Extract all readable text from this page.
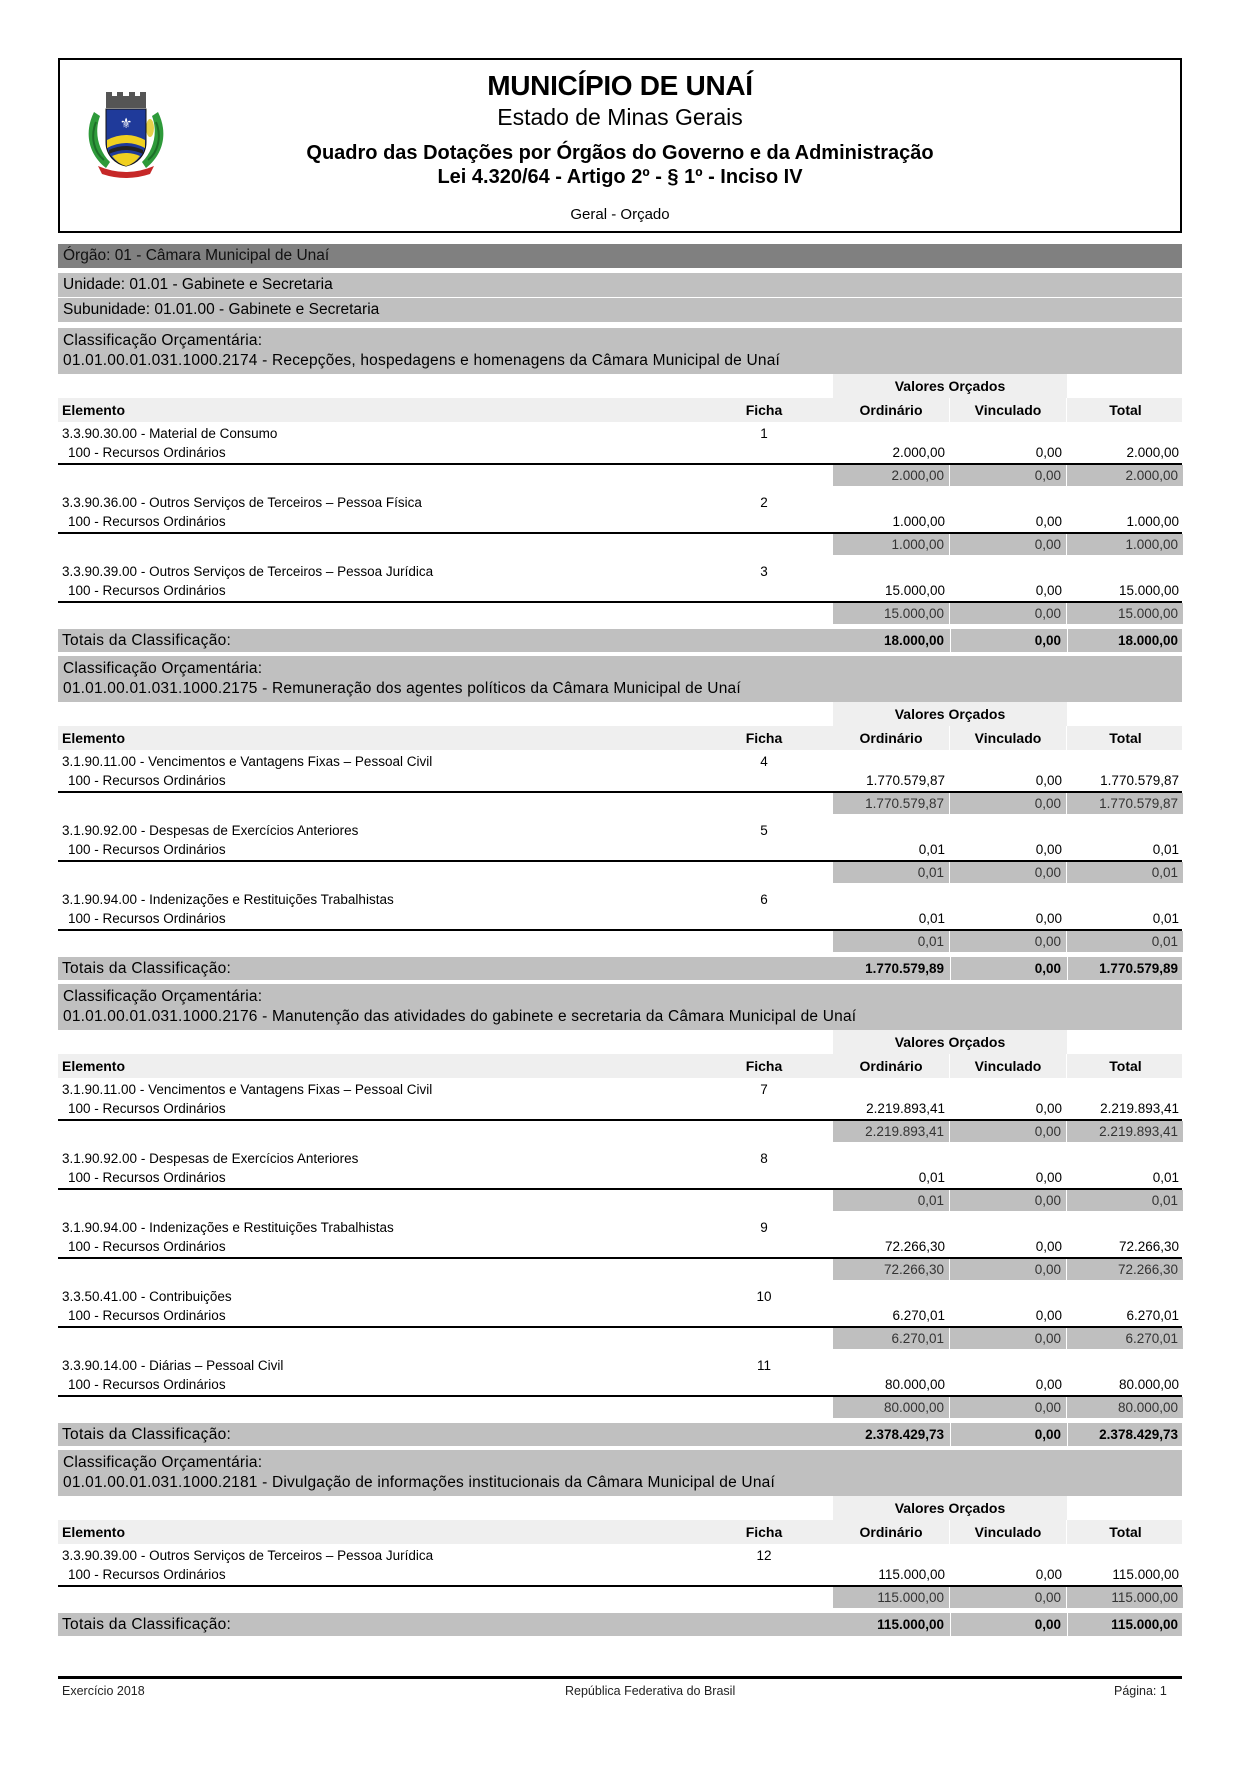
⚜
MUNICÍPIO DE UNAÍ
Estado de Minas Gerais
Quadro das Dotações por Órgãos do Governo e da Administração
Lei 4.320/64 - Artigo 2º - § 1º - Inciso IV
Geral - Orçado
Órgão: 01 - Câmara Municipal de Unaí
Unidade: 01.01 - Gabinete e Secretaria
Subunidade: 01.01.00 - Gabinete e Secretaria
Classificação Orçamentária:
01.01.00.01.031.1000.2174 - Recepções, hospedagens e homenagens da Câmara Municipal de Unaí
Valores Orçados
Elemento	Ficha	Ordinário	Vinculado	Total
3.3.90.30.00 - Material de Consumo	1
100 - Recursos Ordinários	2.000,00	0,00	2.000,00
2.000,00	0,00	2.000,00
3.3.90.36.00 - Outros Serviços de Terceiros – Pessoa Física	2
100 - Recursos Ordinários	1.000,00	0,00	1.000,00
1.000,00	0,00	1.000,00
3.3.90.39.00 - Outros Serviços de Terceiros – Pessoa Jurídica	3
100 - Recursos Ordinários	15.000,00	0,00	15.000,00
15.000,00	0,00	15.000,00
Totais da Classificação:	18.000,00	0,00	18.000,00
Classificação Orçamentária:
01.01.00.01.031.1000.2175 - Remuneração dos agentes políticos da Câmara Municipal de Unaí
Valores Orçados
Elemento	Ficha	Ordinário	Vinculado	Total
3.1.90.11.00 - Vencimentos e Vantagens Fixas – Pessoal Civil	4
100 - Recursos Ordinários	1.770.579,87	0,00	1.770.579,87
1.770.579,87	0,00	1.770.579,87
3.1.90.92.00 - Despesas de Exercícios Anteriores	5
100 - Recursos Ordinários	0,01	0,00	0,01
0,01	0,00	0,01
3.1.90.94.00 - Indenizações e Restituições Trabalhistas	6
100 - Recursos Ordinários	0,01	0,00	0,01
0,01	0,00	0,01
Totais da Classificação:	1.770.579,89	0,00	1.770.579,89
Classificação Orçamentária:
01.01.00.01.031.1000.2176 - Manutenção das atividades do gabinete e secretaria da Câmara Municipal de Unaí
Valores Orçados
Elemento	Ficha	Ordinário	Vinculado	Total
3.1.90.11.00 - Vencimentos e Vantagens Fixas – Pessoal Civil	7
100 - Recursos Ordinários	2.219.893,41	0,00	2.219.893,41
2.219.893,41	0,00	2.219.893,41
3.1.90.92.00 - Despesas de Exercícios Anteriores	8
100 - Recursos Ordinários	0,01	0,00	0,01
0,01	0,00	0,01
3.1.90.94.00 - Indenizações e Restituições Trabalhistas	9
100 - Recursos Ordinários	72.266,30	0,00	72.266,30
72.266,30	0,00	72.266,30
3.3.50.41.00 - Contribuições	10
100 - Recursos Ordinários	6.270,01	0,00	6.270,01
6.270,01	0,00	6.270,01
3.3.90.14.00 - Diárias – Pessoal Civil	11
100 - Recursos Ordinários	80.000,00	0,00	80.000,00
80.000,00	0,00	80.000,00
Totais da Classificação:	2.378.429,73	0,00	2.378.429,73
Classificação Orçamentária:
01.01.00.01.031.1000.2181 - Divulgação de informações institucionais da Câmara Municipal de Unaí
Valores Orçados
Elemento	Ficha	Ordinário	Vinculado	Total
3.3.90.39.00 - Outros Serviços de Terceiros – Pessoa Jurídica	12
100 - Recursos Ordinários	115.000,00	0,00	115.000,00
115.000,00	0,00	115.000,00
Totais da Classificação:	115.000,00	0,00	115.000,00
Exercício 2018	República Federativa do Brasil	Página: 1
